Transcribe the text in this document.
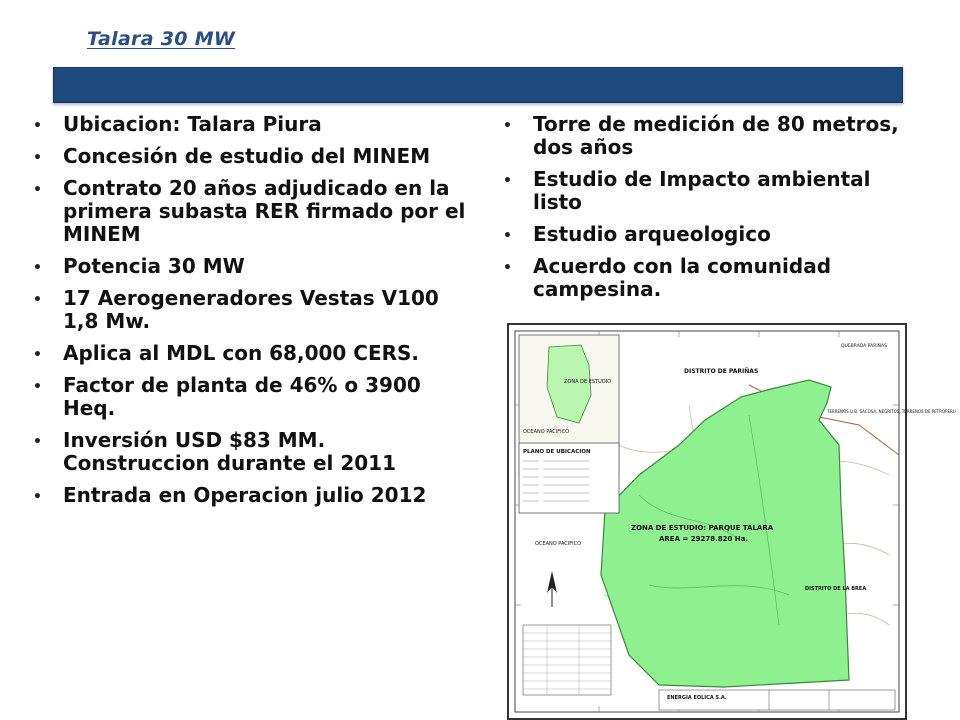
Talara 30 MW
• Ubicacion: Talara Piura
• Concesión de estudio del MINEM
• Contrato 20 años adjudicado en la primera subasta RER firmado por el MINEM
• Potencia 30 MW
• 17 Aerogeneradores Vestas V100 1,8 Mw.
• Aplica al MDL con 68,000 CERS.
• Factor de planta de 46% o 3900 Heq.
• Inversión USD $83 MM. Construccion durante el 2011
• Entrada en Operacion julio 2012
• Torre de medición de 80 metros, dos años
• Estudio de Impacto ambiental listo
• Estudio arqueologico
• Acuerdo con la comunidad campesina.
ZONA DE ESTUDIO
OCEANO PACIFICO
PLANO DE UBICACION
DISTRITO DE PARIÑAS
QUEBRADA PARIÑAS
TERRENOS U.B. SACOSA, NEGRITOS, TERRENOS DE PETROPERU
ZONA DE ESTUDIO: PARQUE TALARA
AREA = 29278.820 Ha.
DISTRITO DE LA BREA
OCEANO PACIFICO
ENERGIA EOLICA S.A.
